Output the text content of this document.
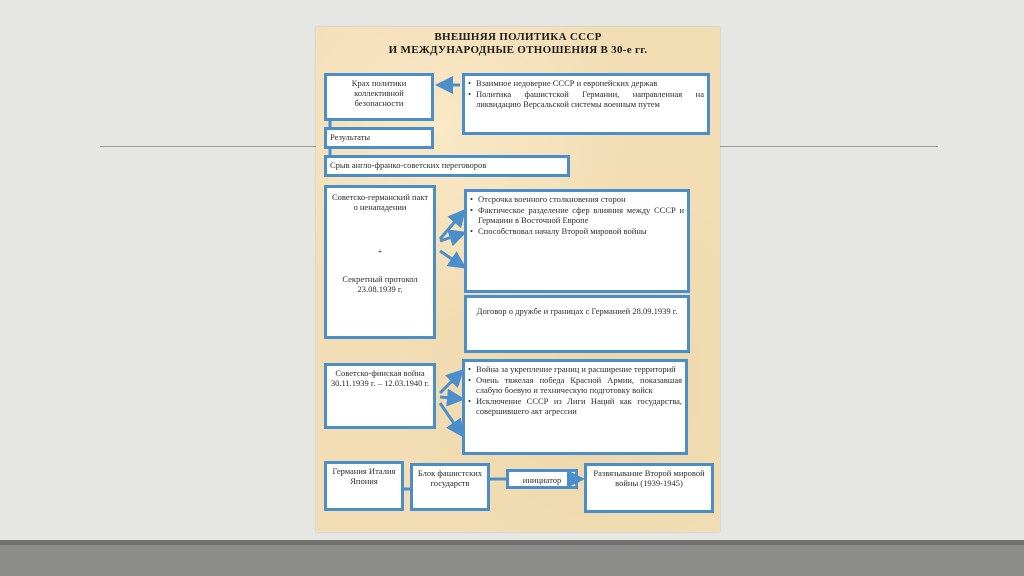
ВНЕШНЯЯ ПОЛИТИКА СССР
И МЕЖДУНАРОДНЫЕ ОТНОШЕНИЯ В 30-е гг.
Крах политики коллективной безопасности
• Взаимное недоверие СССР и европейских держав
• Политика фашистской Германии, направленная на ликвидацию Версальской системы военным путем
Результаты
Срыв англо-франко-советских переговоров
Советско-германский пакт о ненападении
+
Секретный протокол 23.08.1939 г.
• Отсрочка военного столкновения сторон
• Фактическое разделение сфер влияния между СССР и Германии в Восточной Европе
• Способствовал началу Второй мировой войны
Договор о дружбе и границах с Германией 28.09.1939 г.
Советско-финская война 30.11.1939 г. – 12.03.1940 г.
• Война за укрепление границ и расширение территорий
• Очень тяжелая победа Красной Армии, показавшая слабую боевую и техническую подготовку войск
• Исключение СССР из Лиги Наций как государства, совершившего акт агрессии
Германия Италия Япония
Блок фашистских государств	инициатор
Развязывание Второй мировой войны (1939-1945)
